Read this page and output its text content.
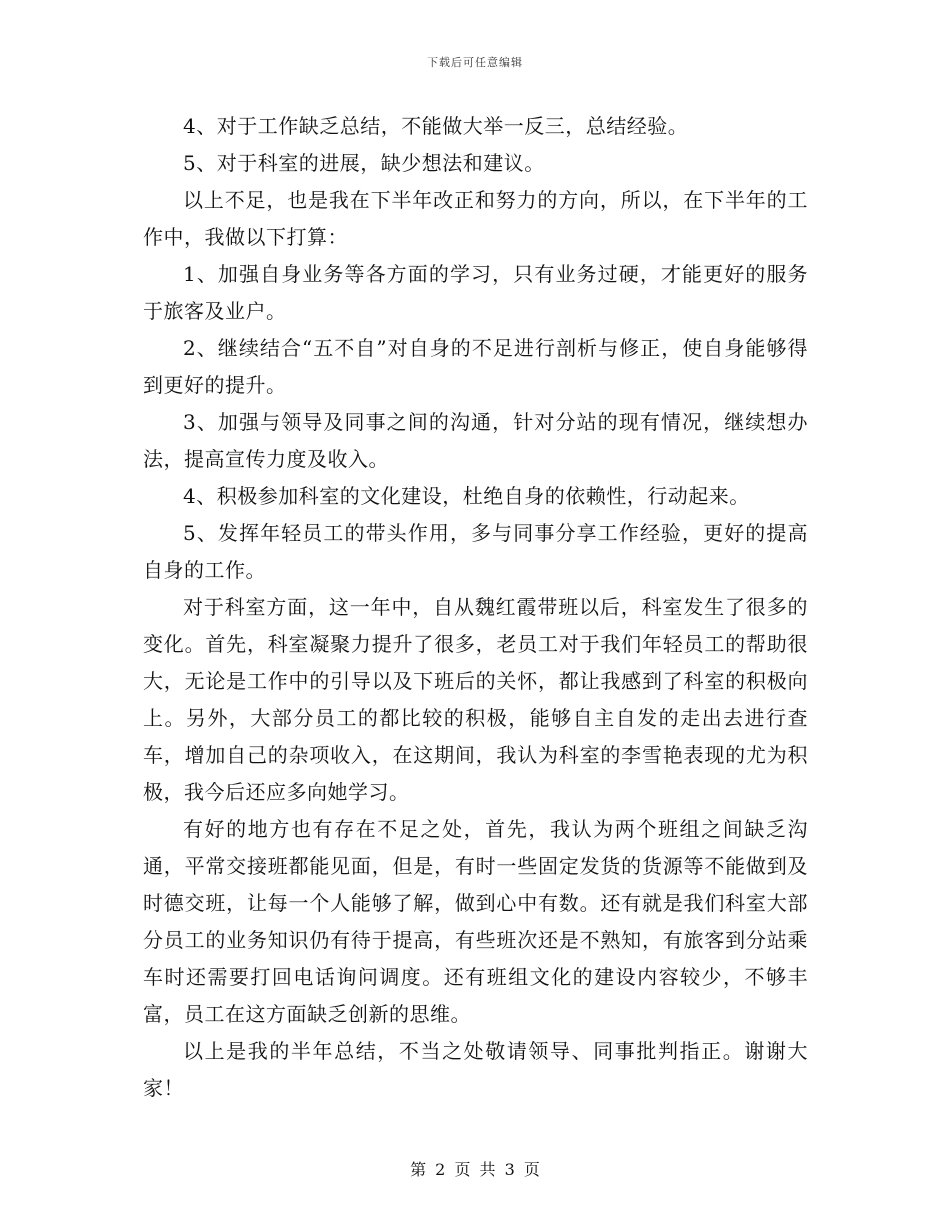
下载后可任意编辑

4、对于工作缺乏总结，不能做大举一反三，总结经验。

5、对于科室的进展，缺少想法和建议。

以上不足，也是我在下半年改正和努力的方向，所以，在下半年的工作中，我做以下打算：

1、加强自身业务等各方面的学习，只有业务过硬，才能更好的服务于旅客及业户。

2、继续结合“五不自”对自身的不足进行剖析与修正，使自身能够得到更好的提升。

3、加强与领导及同事之间的沟通，针对分站的现有情况，继续想办法，提高宣传力度及收入。

4、积极参加科室的文化建设，杜绝自身的依赖性，行动起来。

5、发挥年轻员工的带头作用，多与同事分享工作经验，更好的提高自身的工作。

对于科室方面，这一年中，自从魏红霞带班以后，科室发生了很多的变化。首先，科室凝聚力提升了很多，老员工对于我们年轻员工的帮助很大，无论是工作中的引导以及下班后的关怀，都让我感到了科室的积极向上。另外，大部分员工的都比较的积极，能够自主自发的走出去进行查车，增加自己的杂项收入，在这期间，我认为科室的李雪艳表现的尤为积极，我今后还应多向她学习。

有好的地方也有存在不足之处，首先，我认为两个班组之间缺乏沟通，平常交接班都能见面，但是，有时一些固定发货的货源等不能做到及时德交班，让每一个人能够了解，做到心中有数。还有就是我们科室大部分员工的业务知识仍有待于提高，有些班次还是不熟知，有旅客到分站乘车时还需要打回电话询问调度。还有班组文化的建设内容较少，不够丰富，员工在这方面缺乏创新的思维。

以上是我的半年总结，不当之处敬请领导、同事批判指正。谢谢大家！

第 2 页 共 3 页
